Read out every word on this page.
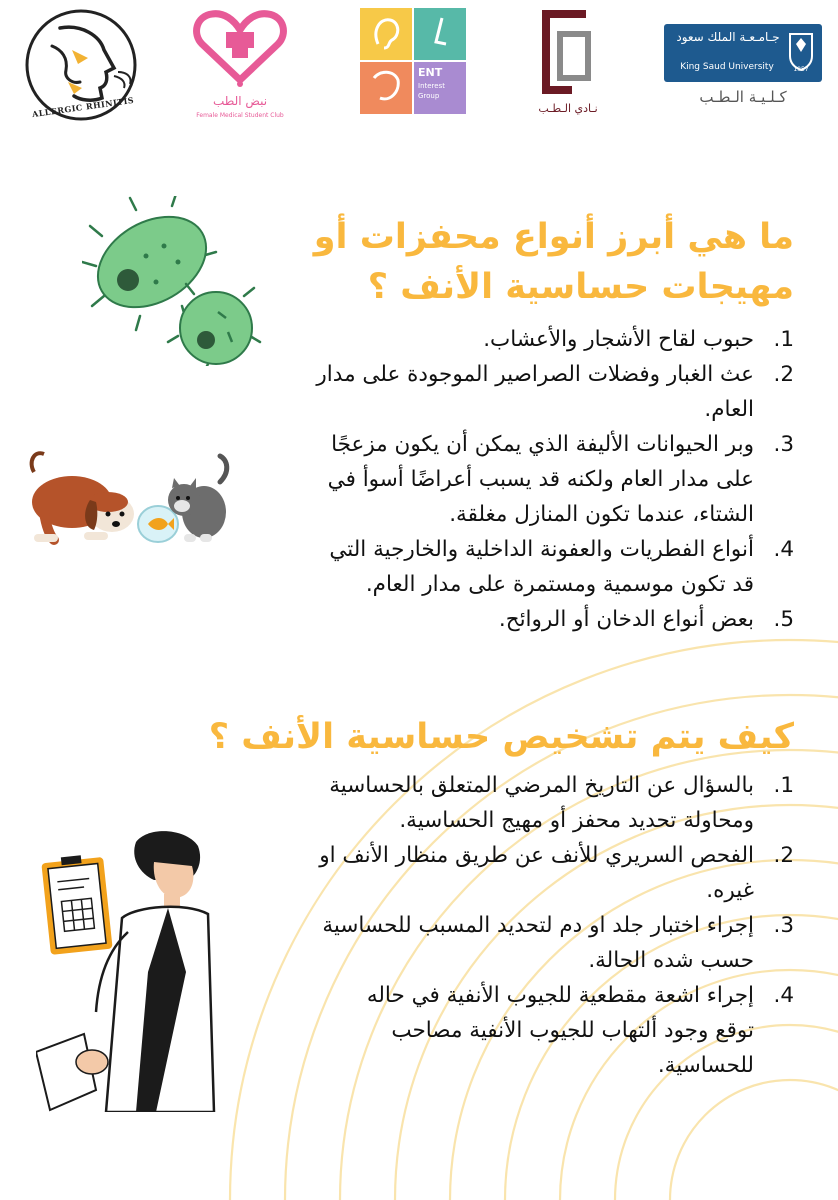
ALLERGIC RHINITIS	نبض الطب
Female Medical Student Club
ENT
Interest
Group
نـادي الـطـب
جـامـعـة الملك سعود
King Saud University	1957
كـلـيـة الـطـب
ما هي أبرز أنواع محفزات أو
مهيجات حساسية الأنف ؟
.1
حبوب لقاح الأشجار والأعشاب.
.2
عث الغبار وفضلات الصراصير الموجودة على مدار
العام.
.3
وبر الحيوانات الأليفة الذي يمكن أن يكون مزعجًا
على مدار العام ولكنه قد يسبب أعراضًا أسوأ في
الشتاء، عندما تكون المنازل مغلقة.
.4
أنواع الفطريات والعفونة الداخلية والخارجية التي
قد تكون موسمية ومستمرة على مدار العام.
.5
بعض أنواع الدخان أو الروائح.
كيف يتم تشخيص حساسية الأنف ؟
.1
بالسؤال عن التاريخ المرضي المتعلق بالحساسية
ومحاولة تحديد محفز أو مهيج الحساسية.
.2
الفحص السريري للأنف عن طريق منظار الأنف او
غيره.
.3
إجراء اختبار جلد او دم لتحديد المسبب للحساسية
حسب شده الحالة.
.4
إجراء اشعة مقطعية للجيوب الأنفية في حاله
توقع وجود ألتهاب للجيوب الأنفية مصاحب
للحساسية.
